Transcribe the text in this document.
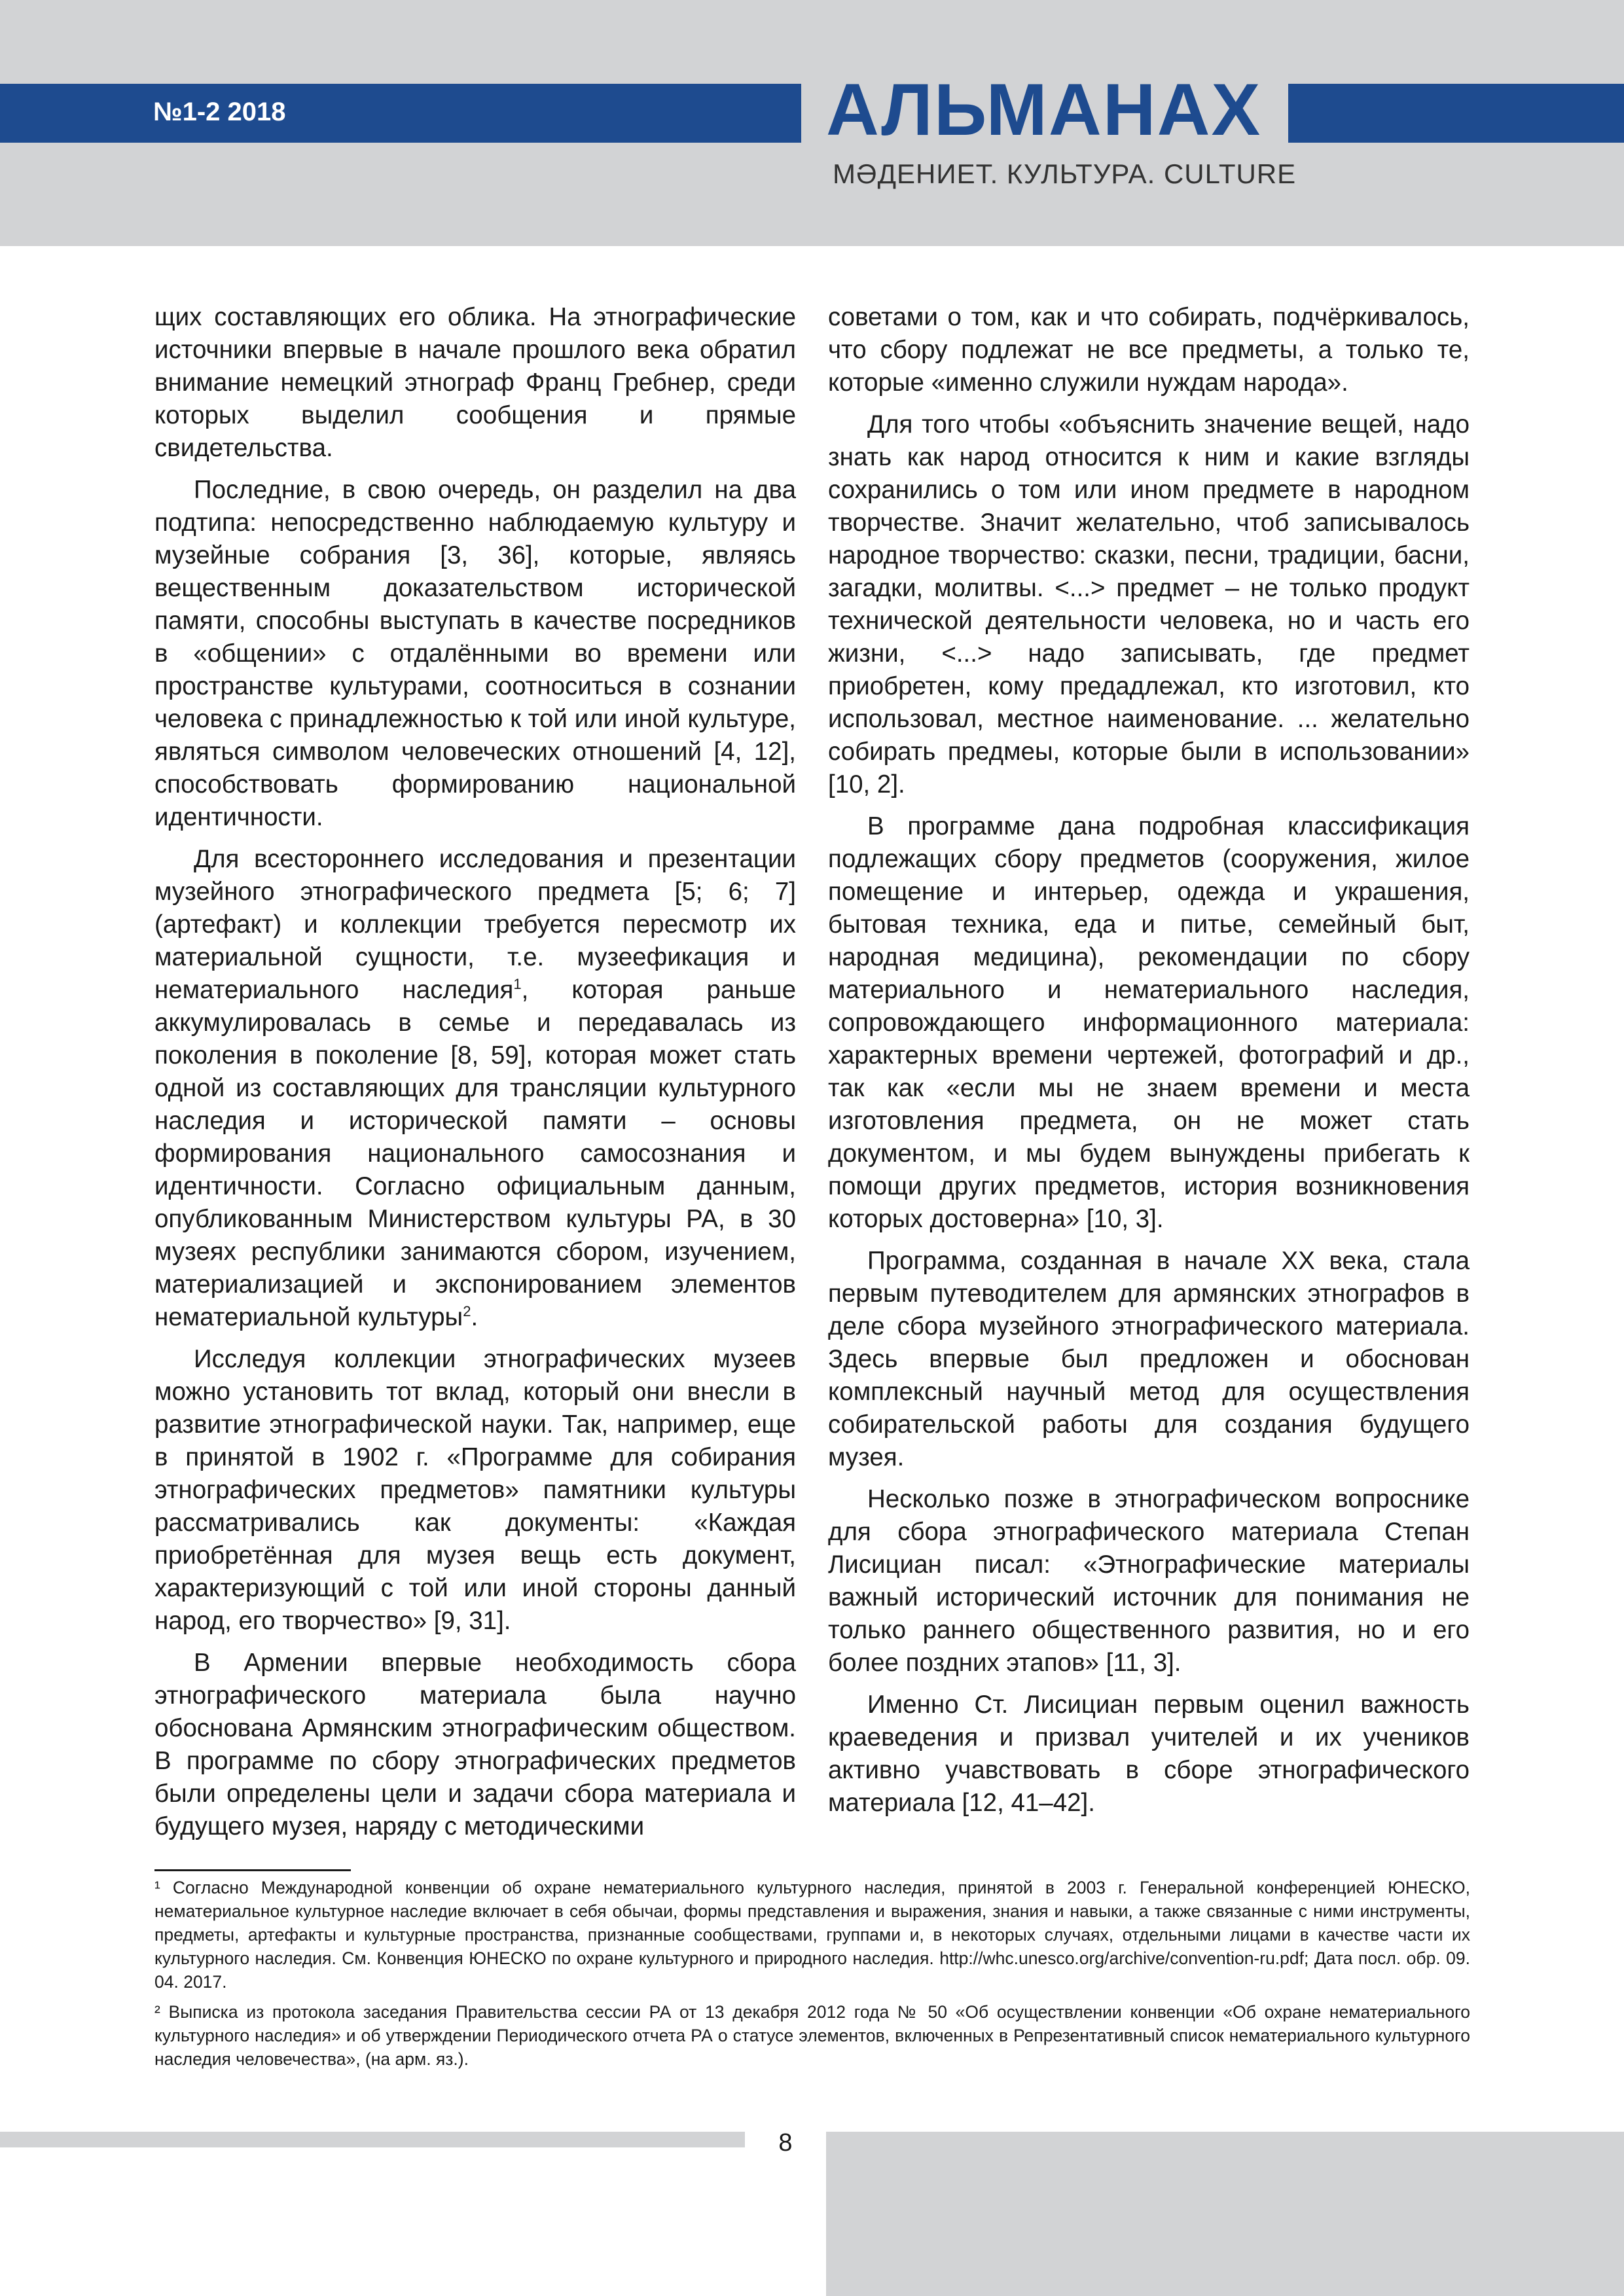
№1-2 2018	АЛЬМАНАХ
МӘДЕНИЕТ. КУЛЬТУРА. CULTURE

щих составляющих его облика. На этнографические источники впервые в начале прошлого века обратил внимание немецкий этнограф Франц Гребнер, среди которых выделил сообщения и прямые свидетельства.

Последние, в свою очередь, он разделил на два подтипа: непосредственно наблюдаемую культуру и музейные собрания [3, 36], которые, являясь вещественным доказательством исторической памяти, способны выступать в качестве посредников в «общении» с отдалёнными во времени или пространстве культурами, соотноситься в сознании человека с принадлежностью к той или иной культуре, являться символом человеческих отношений [4, 12], способствовать формированию национальной идентичности.

Для всестороннего исследования и презентации музейного этнографического предмета [5; 6; 7] (артефакт) и коллекции требуется пересмотр их материальной сущности, т.е. музеефикация и нематериального наследия$^1$, которая раньше аккумулировалась в семье и передавалась из поколения в поколение [8, 59], которая может стать одной из составляющих для трансляции культурного наследия и исторической памяти – основы формирования национального самосознания и идентичности. Согласно официальным данным, опубликованным Министерством культуры РА, в 30 музеях республики занимаются сбором, изучением, материализацией и экспонированием элементов нематериальной культуры$^2$.

Исследуя коллекции этнографических музеев можно установить тот вклад, который они внесли в развитие этнографической науки. Так, например, еще в принятой в 1902 г. «Программе для собирания этнографических предметов» памятники культуры рассматривались как документы: «Каждая приобретённая для музея вещь есть документ, характеризующий с той или иной стороны данный народ, его творчество» [9, 31].

В Армении впервые необходимость сбора этнографического материала была научно обоснована Армянским этнографическим обществом. В программе по сбору этнографических предметов были определены цели и задачи сбора материала и будущего музея, наряду с методическими

советами о том, как и что собирать, подчёркивалось, что сбору подлежат не все предметы, а только те, которые «именно служили нуждам народа».

Для того чтобы «объяснить значение вещей, надо знать как народ относится к ним и какие взгляды сохранились о том или ином предмете в народном творчестве. Значит желательно, чтоб записывалось народное творчество: сказки, песни, традиции, басни, загадки, молитвы. <...> предмет – не только продукт технической деятельности человека, но и часть его жизни, <...> надо записывать, где предмет приобретен, кому предадлежал, кто изготовил, кто использовал, местное наименование. ... желательно собирать предмеы, которые были в использовании» [10, 2].

В программе дана подробная классификация подлежащих сбору предметов (сооружения, жилое помещение и интерьер, одежда и украшения, бытовая техника, еда и питье, семейный быт, народная медицина), рекомендации по сбору материального и нематериального наследия, сопровождающего информационного материала: характерных времени чертежей, фотографий и др., так как «если мы не знаем времени и места изготовления предмета, он не может стать документом, и мы будем вынуждены прибегать к помощи других предметов, история возникновения которых достоверна» [10, 3].

Программа, созданная в начале XX века, стала первым путеводителем для армянских этнографов в деле сбора музейного этнографического материала. Здесь впервые был предложен и обоснован комплексный научный метод для осуществления собирательской работы для создания будущего музея.

Несколько позже в этнографическом вопроснике для сбора этнографического материала Степан Лисициан писал: «Этнографические материалы важный исторический источник для понимания не только раннего общественного развития, но и его более поздних этапов» [11, 3].

Именно Ст. Лисициан первым оценил важность краеведения и призвал учителей и их учеников активно учавствовать в сборе этнографического материала [12, 41–42].

¹ Согласно Международной конвенции об охране нематериального культурного наследия, принятой в 2003 г. Генеральной конференцией ЮНЕСКО, нематериальное культурное наследие включает в себя обычаи, формы представления и выражения, знания и навыки, а также связанные с ними инструменты, предметы, артефакты и культурные пространства, признанные сообществами, группами и, в некоторых случаях, отдельными лицами в качестве части их культурного наследия. См. Конвенция ЮНЕСКО по охране культурного и природного наследия. http://whc.unesco.org/archive/convention-ru.pdf; Дата посл. обр. 09. 04. 2017.

² Выписка из протокола заседания Правительства сессии РА от 13 декабря 2012 года № 50 «Об осуществлении конвенции «Об охране нематериального культурного наследия» и об утверждении Периодического отчета РА о статусе элементов, включенных в Репрезентативный список нематериального культурного наследия человечества», (на арм. яз.).

8
